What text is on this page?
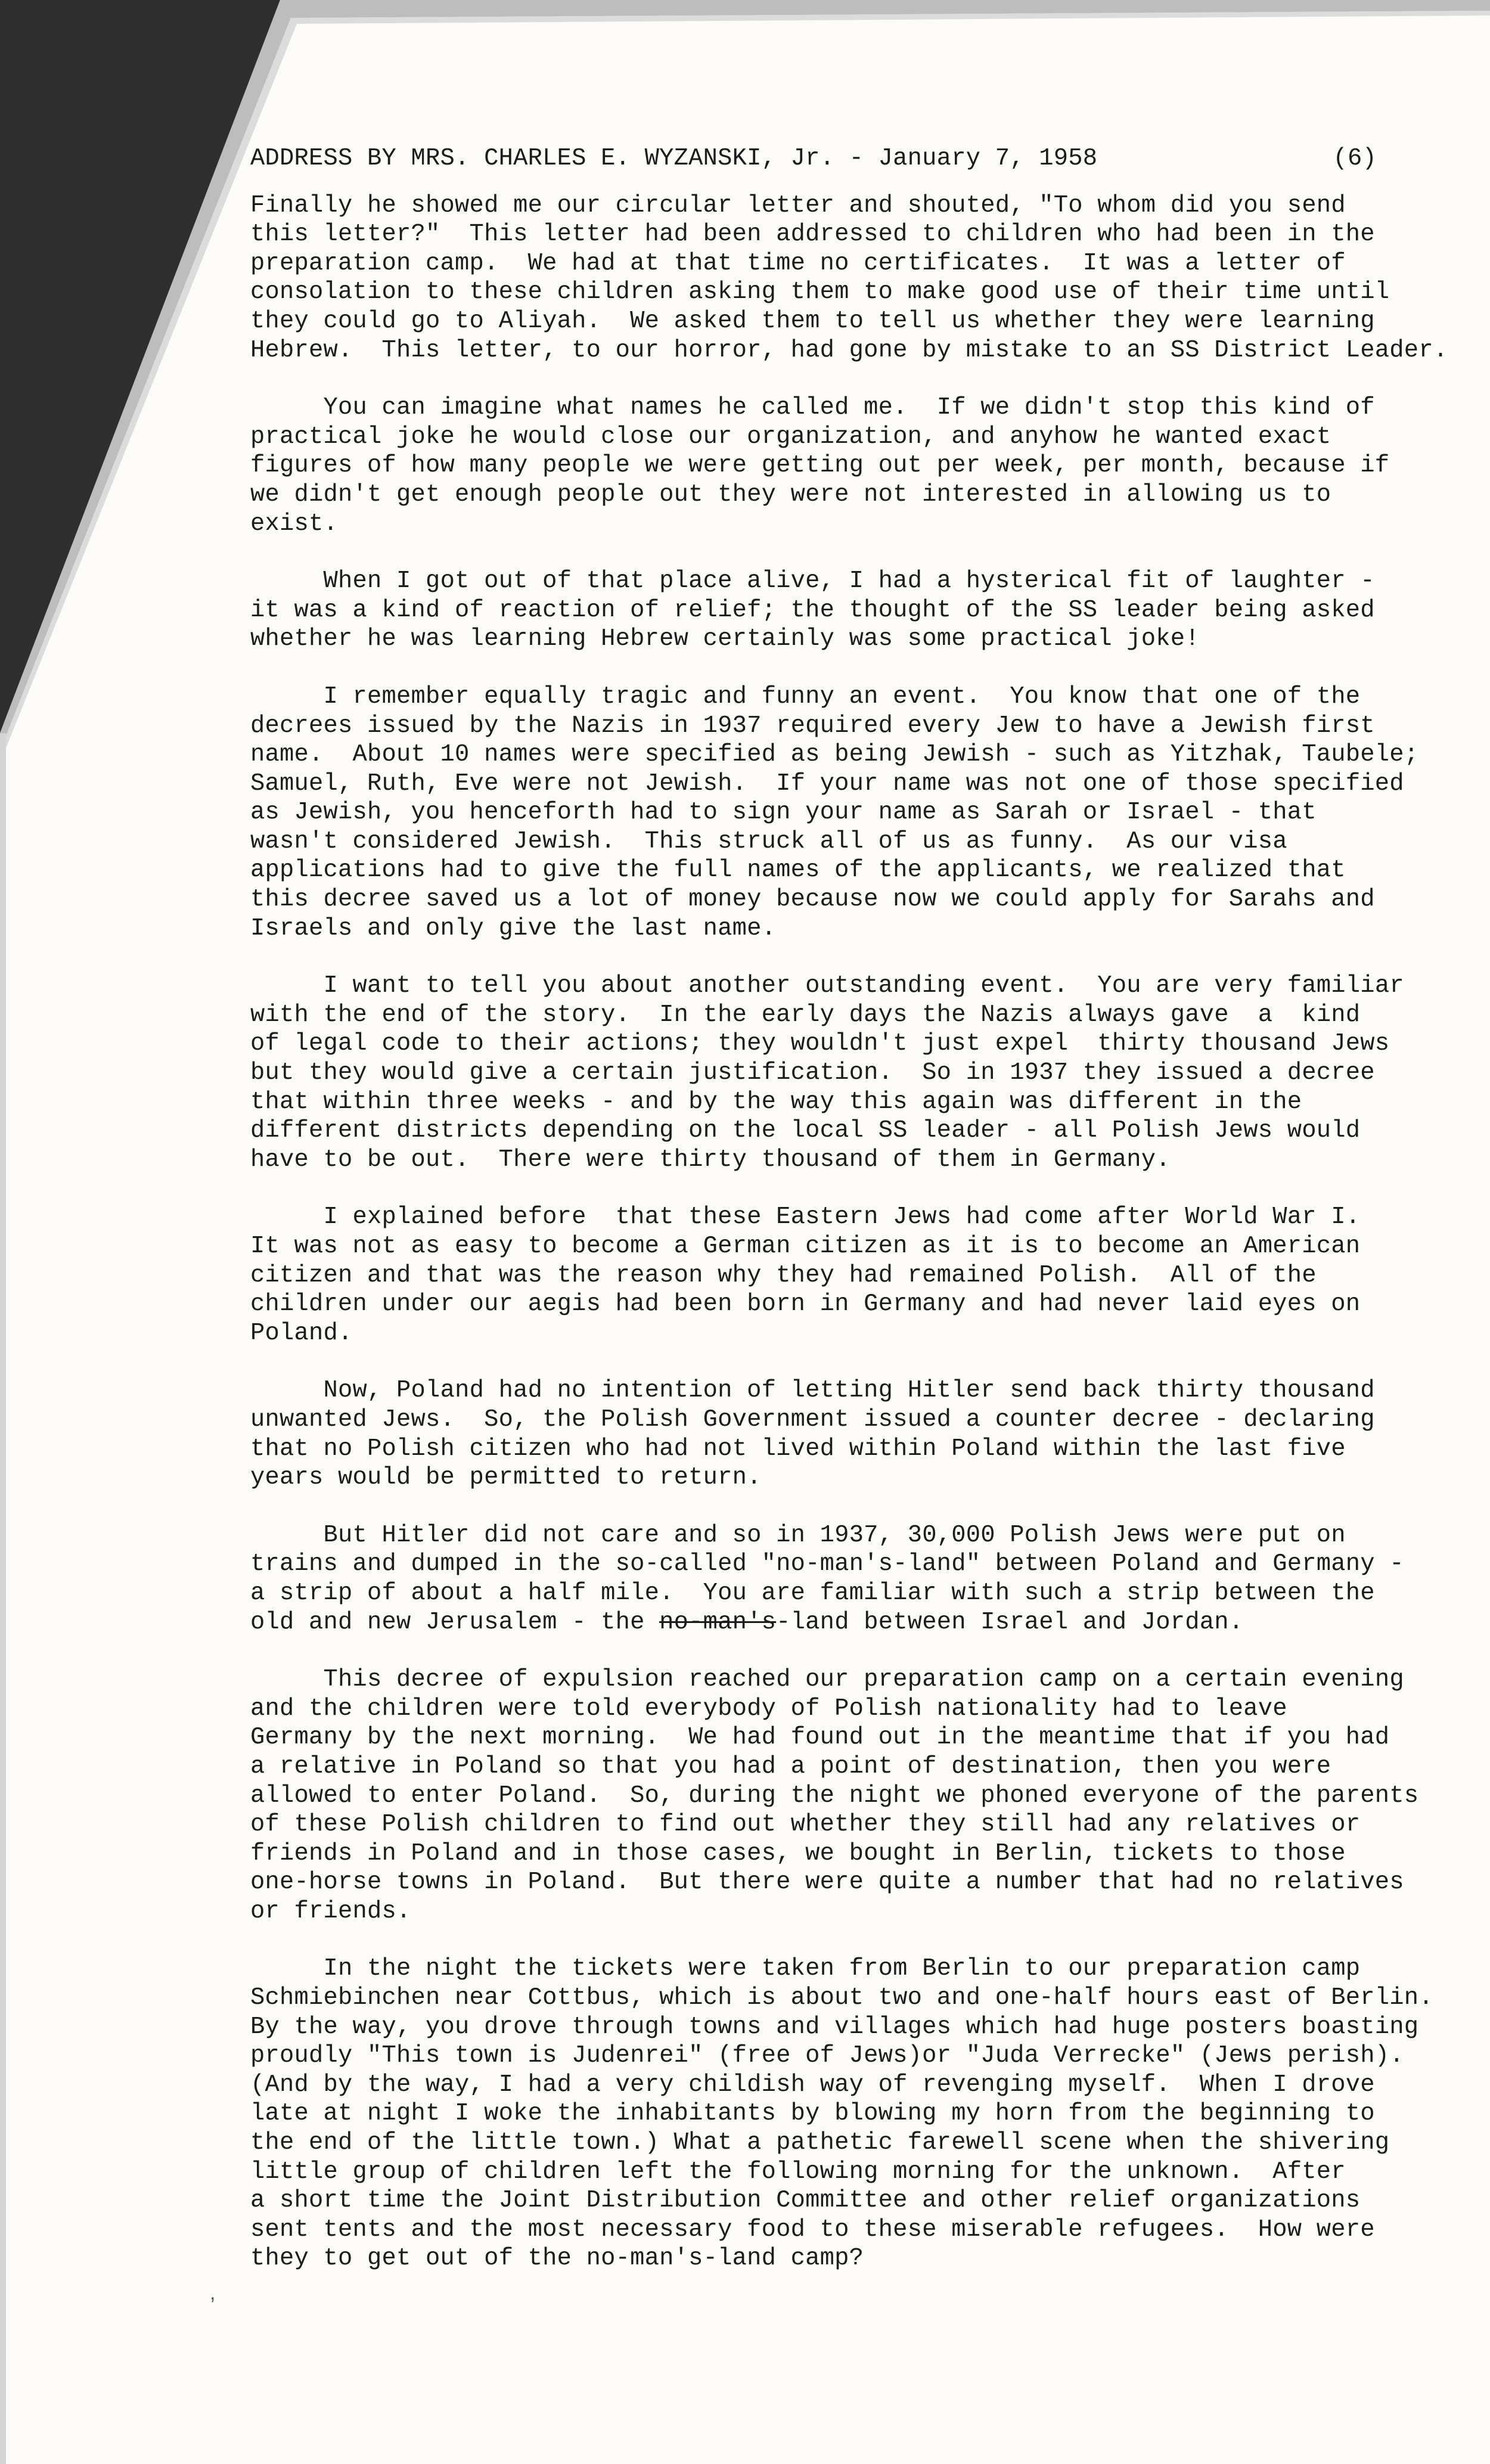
ADDRESS BY MRS. CHARLES E. WYZANSKI, Jr. - January 7, 1958	(6)
Finally he showed me our circular letter and shouted, "To whom did you send
this letter?"  This letter had been addressed to children who had been in the
preparation camp.  We had at that time no certificates.  It was a letter of
consolation to these children asking them to make good use of their time until
they could go to Aliyah.  We asked them to tell us whether they were learning
Hebrew.  This letter, to our horror, had gone by mistake to an SS District Leader.
You can imagine what names he called me.  If we didn't stop this kind of
practical joke he would close our organization, and anyhow he wanted exact
figures of how many people we were getting out per week, per month, because if
we didn't get enough people out they were not interested in allowing us to
exist.
When I got out of that place alive, I had a hysterical fit of laughter -
it was a kind of reaction of relief; the thought of the SS leader being asked
whether he was learning Hebrew certainly was some practical joke!
I remember equally tragic and funny an event.  You know that one of the
decrees issued by the Nazis in 1937 required every Jew to have a Jewish first
name.  About 10 names were specified as being Jewish - such as Yitzhak, Taubele;
Samuel, Ruth, Eve were not Jewish.  If your name was not one of those specified
as Jewish, you henceforth had to sign your name as Sarah or Israel - that
wasn't considered Jewish.  This struck all of us as funny.  As our visa
applications had to give the full names of the applicants, we realized that
this decree saved us a lot of money because now we could apply for Sarahs and
Israels and only give the last name.
I want to tell you about another outstanding event.  You are very familiar
with the end of the story.  In the early days the Nazis always gave  a  kind
of legal code to their actions; they wouldn't just expel  thirty thousand Jews
but they would give a certain justification.  So in 1937 they issued a decree
that within three weeks - and by the way this again was different in the
different districts depending on the local SS leader - all Polish Jews would
have to be out.  There were thirty thousand of them in Germany.
I explained before  that these Eastern Jews had come after World War I.
It was not as easy to become a German citizen as it is to become an American
citizen and that was the reason why they had remained Polish.  All of the
children under our aegis had been born in Germany and had never laid eyes on
Poland.
Now, Poland had no intention of letting Hitler send back thirty thousand
unwanted Jews.  So, the Polish Government issued a counter decree - declaring
that no Polish citizen who had not lived within Poland within the last five
years would be permitted to return.
But Hitler did not care and so in 1937, 30,000 Polish Jews were put on
trains and dumped in the so-called "no-man's-land" between Poland and Germany -
a strip of about a half mile.  You are familiar with such a strip between the
old and new Jerusalem - the no-man's-land between Israel and Jordan.
This decree of expulsion reached our preparation camp on a certain evening
and the children were told everybody of Polish nationality had to leave
Germany by the next morning.  We had found out in the meantime that if you had
a relative in Poland so that you had a point of destination, then you were
allowed to enter Poland.  So, during the night we phoned everyone of the parents
of these Polish children to find out whether they still had any relatives or
friends in Poland and in those cases, we bought in Berlin, tickets to those
one-horse towns in Poland.  But there were quite a number that had no relatives
or friends.
In the night the tickets were taken from Berlin to our preparation camp
Schmiebinchen near Cottbus, which is about two and one-half hours east of Berlin.
By the way, you drove through towns and villages which had huge posters boasting
proudly "This town is Judenrei" (free of Jews)or "Juda Verrecke" (Jews perish).
(And by the way, I had a very childish way of revenging myself.  When I drove
late at night I woke the inhabitants by blowing my horn from the beginning to
the end of the little town.) What a pathetic farewell scene when the shivering
little group of children left the following morning for the unknown.  After
a short time the Joint Distribution Committee and other relief organizations
sent tents and the most necessary food to these miserable refugees.  How were
they to get out of the no-man's-land camp?
,
